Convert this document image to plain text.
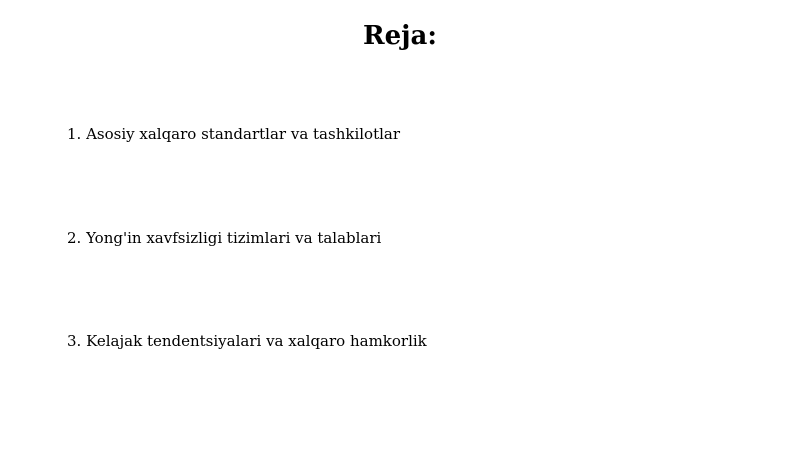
Reja:
1. Asosiy xalqaro standartlar va tashkilotlar
2. Yong'in xavfsizligi tizimlari va talablari
3. Kelajak tendentsiyalari va xalqaro hamkorlik
